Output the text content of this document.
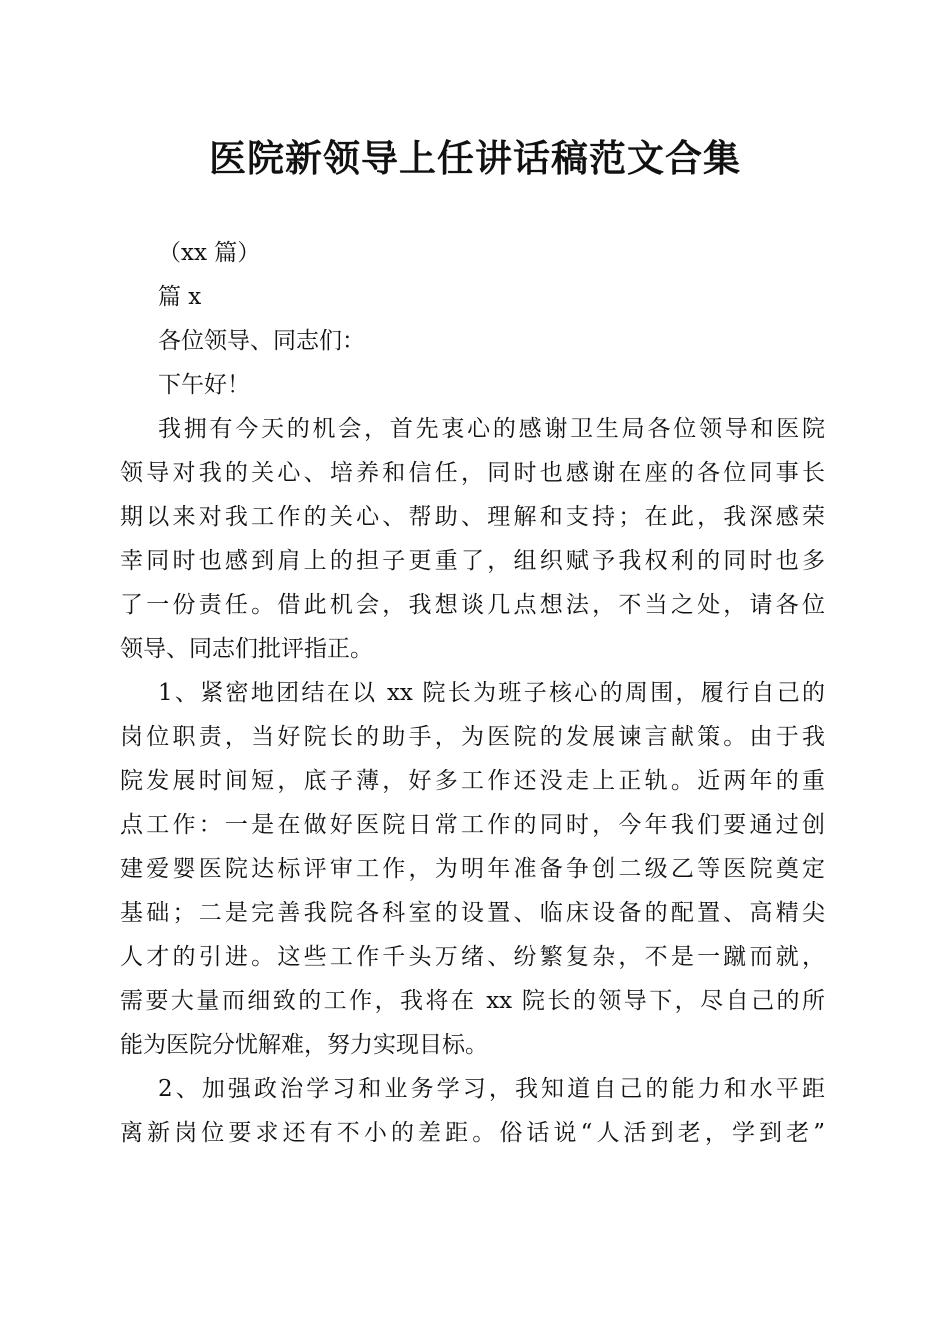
医院新领导上任讲话稿范文合集

（xx 篇）

篇 x

各位领导、同志们：

下午好！

我拥有今天的机会，首先衷心的感谢卫生局各位领导和医院

领导对我的关心、培养和信任，同时也感谢在座的各位同事长

期以来对我工作的关心、帮助、理解和支持；在此，我深感荣

幸同时也感到肩上的担子更重了，组织赋予我权利的同时也多

了一份责任。借此机会，我想谈几点想法，不当之处，请各位

领导、同志们批评指正。

1、紧密地团结在以 xx 院长为班子核心的周围，履行自己的

岗位职责，当好院长的助手，为医院的发展谏言献策。由于我

院发展时间短，底子薄，好多工作还没走上正轨。近两年的重

点工作：一是在做好医院日常工作的同时，今年我们要通过创

建爱婴医院达标评审工作，为明年准备争创二级乙等医院奠定

基础；二是完善我院各科室的设置、临床设备的配置、高精尖

人才的引进。这些工作千头万绪、纷繁复杂，不是一蹴而就，

需要大量而细致的工作，我将在 xx 院长的领导下，尽自己的所

能为医院分忧解难，努力实现目标。

2、加强政治学习和业务学习，我知道自己的能力和水平距

离新岗位要求还有不小的差距。俗话说“人活到老，学到老”
